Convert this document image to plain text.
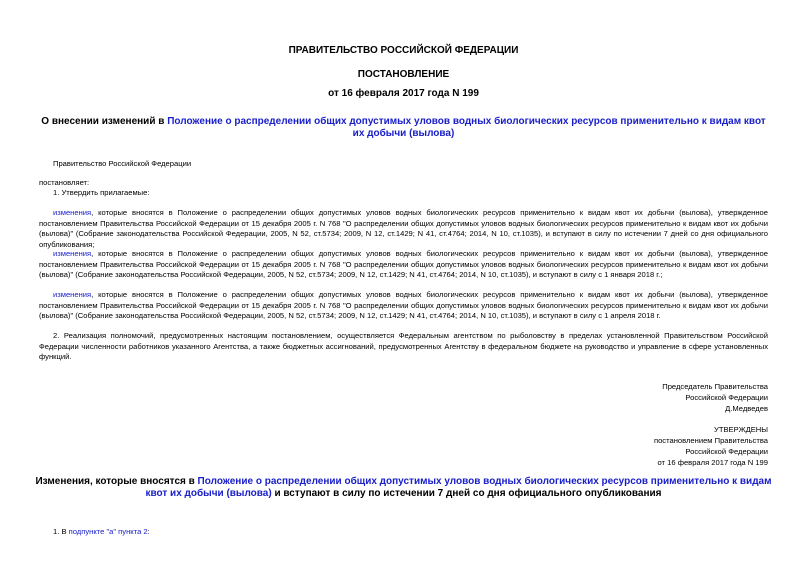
ПРАВИТЕЛЬСТВО РОССИЙСКОЙ ФЕДЕРАЦИИ
ПОСТАНОВЛЕНИЕ
от 16 февраля 2017 года N 199
О внесении изменений в Положение о распределении общих допустимых уловов водных биологических ресурсов применительно к видам квот их добычи (вылова)
Правительство Российской Федерации
постановляет:
1. Утвердить прилагаемые:
изменения, которые вносятся в Положение о распределении общих допустимых уловов водных биологических ресурсов применительно к видам квот их добычи (вылова), утвержденное постановлением Правительства Российской Федерации от 15 декабря 2005 г. N 768 "О распределении общих допустимых уловов водных биологических ресурсов применительно к видам квот их добычи (вылова)" (Собрание законодательства Российской Федерации, 2005, N 52, ст.5734; 2009, N 12, ст.1429; N 41, ст.4764; 2014, N 10, ст.1035), и вступают в силу по истечении 7 дней со дня официального опубликования;
изменения, которые вносятся в Положение о распределении общих допустимых уловов водных биологических ресурсов применительно к видам квот их добычи (вылова), утвержденное постановлением Правительства Российской Федерации от 15 декабря 2005 г. N 768 "О распределении общих допустимых уловов водных биологических ресурсов применительно к видам квот их добычи (вылова)" (Собрание законодательства Российской Федерации, 2005, N 52, ст.5734; 2009, N 12, ст.1429; N 41, ст.4764; 2014, N 10, ст.1035), и вступают в силу с 1 января 2018 г.;
изменения, которые вносятся в Положение о распределении общих допустимых уловов водных биологических ресурсов применительно к видам квот их добычи (вылова), утвержденное постановлением Правительства Российской Федерации от 15 декабря 2005 г. N 768 "О распределении общих допустимых уловов водных биологических ресурсов применительно к видам квот их добычи (вылова)" (Собрание законодательства Российской Федерации, 2005, N 52, ст.5734; 2009, N 12, ст.1429; N 41, ст.4764; 2014, N 10, ст.1035), и вступают в силу с 1 апреля 2018 г.
2. Реализация полномочий, предусмотренных настоящим постановлением, осуществляется Федеральным агентством по рыболовству в пределах установленной Правительством Российской Федерации численности работников указанного Агентства, а также бюджетных ассигнований, предусмотренных Агентству в федеральном бюджете на руководство и управление в сфере установленных функций.
Председатель Правительства
Российской Федерации
Д.Медведев
УТВЕРЖДЕНЫ
постановлением Правительства
Российской Федерации
от 16 февраля 2017 года N 199
Изменения, которые вносятся в Положение о распределении общих допустимых уловов водных биологических ресурсов применительно к видам квот их добычи (вылова) и вступают в силу по истечении 7 дней со дня официального опубликования
1. В подпункте "а" пункта 2:
